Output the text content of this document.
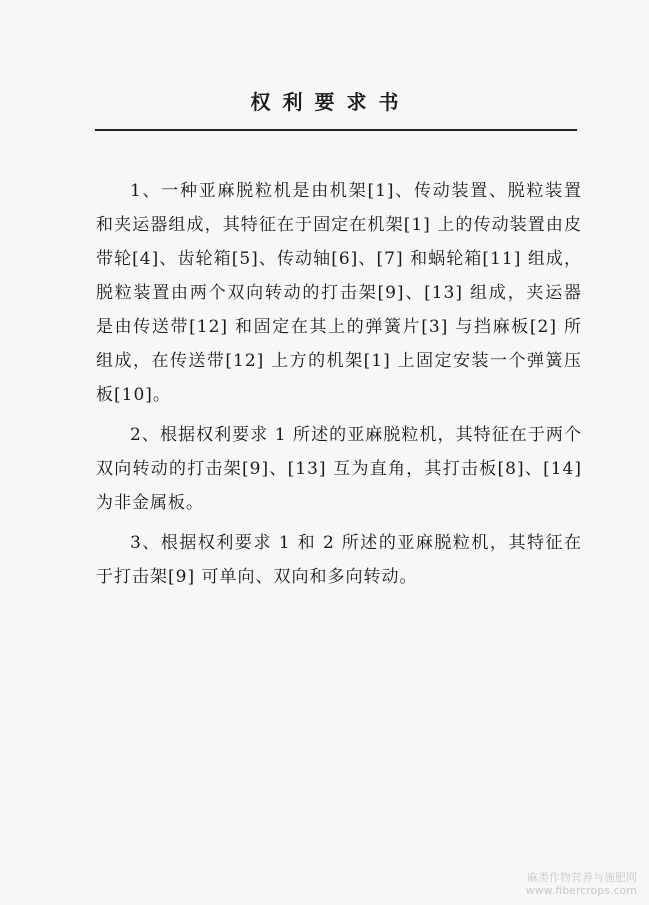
权利要求书

1、一种亚麻脱粒机是由机架[1]、传动装置、脱粒装置和夹运器组成，其特征在于固定在机架[1] 上的传动装置由皮带轮[4]、齿轮箱[5]、传动轴[6]、[7] 和蜗轮箱[11] 组成，脱粒装置由两个双向转动的打击架[9]、[13] 组成，夹运器是由传送带[12] 和固定在其上的弹簧片[3] 与挡麻板[2] 所组成，在传送带[12] 上方的机架[1] 上固定安装一个弹簧压板[10]。

2、根据权利要求 1 所述的亚麻脱粒机，其特征在于两个双向转动的打击架[9]、[13] 互为直角，其打击板[8]、[14] 为非金属板。

3、根据权利要求 1 和 2 所述的亚麻脱粒机，其特征在于打击架[9] 可单向、双向和多向转动。

麻类作物营养与施肥网
www.fibercrops.com
